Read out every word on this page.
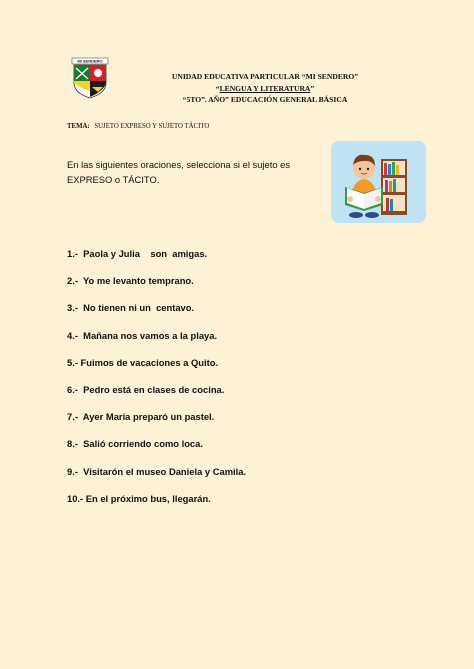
MI SENDERO
UNIDAD EDUCATIVA PARTICULAR “MI SENDERO”
“LENGUA Y LITERATURA”
“5TO”. AÑO” EDUCACIÓN GENERAL BÁSICA
TEMA: SUJETO EXPRESO Y SUJETO TÁCITO
En las siguientes oraciones, selecciona si el sujeto es
EXPRESO o TÁCITO.
1.-  Paola y Julia    son  amigas.
2.-  Yo me levanto temprano.
3.-  No tienen ni un  centavo.
4.-  Mañana nos vamos a la playa.
5.- Fuimos de vacaciones a Quito.
6.-  Pedro está en clases de cocina.
7.-  Ayer Maria preparó un pastel.
8.-  Salió corriendo como loca.
9.-  Visitarón el museo Daniela y Camila.
10.- En el próximo bus, llegarán.
